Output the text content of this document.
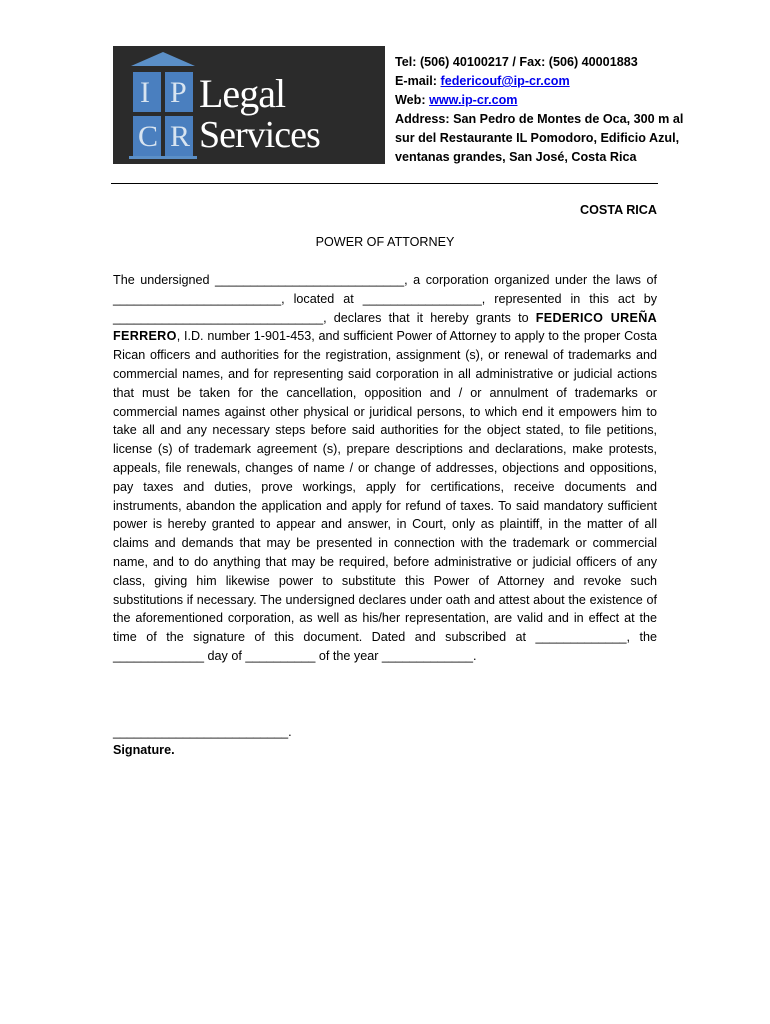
I P
C R
Legal
Services
Tel: (506) 40100217 / Fax: (506) 40001883
E-mail: federicouf@ip-cr.com
Web: www.ip-cr.com
Address: San Pedro de Montes de Oca, 300 m al
sur del Restaurante IL Pomodoro, Edificio Azul,
ventanas grandes, San José, Costa Rica
COSTA RICA
POWER OF ATTORNEY
The undersigned ___________________________, a corporation organized under the laws of ________________________, located at _________________, represented in this act by ______________________________, declares that it hereby grants to FEDERICO UREÑA FERRERO, I.D. number 1-901-453, and sufficient Power of Attorney to apply to the proper Costa Rican officers and authorities for the registration, assignment (s), or renewal of trademarks and commercial names, and for representing said corporation in all administrative or judicial actions that must be taken for the cancellation, opposition and / or annulment of trademarks or commercial names against other physical or juridical persons, to which end it empowers him to take all and any necessary steps before said authorities for the object stated, to file petitions, license (s) of trademark agreement (s), prepare descriptions and declarations, make protests, appeals, file renewals, changes of name / or change of addresses, objections and oppositions, pay taxes and duties, prove workings, apply for certifications, receive documents and instruments, abandon the application and apply for refund of taxes. To said mandatory sufficient power is hereby granted to appear and answer, in Court, only as plaintiff, in the matter of all claims and demands that may be presented in connection with the trademark or commercial name, and to do anything that may be required, before administrative or judicial officers of any class, giving him likewise power to substitute this Power of Attorney and revoke such substitutions if necessary. The undersigned declares under oath and attest about the existence of the aforementioned corporation, as well as his/her representation, are valid and in effect at the time of the signature of this document. Dated and subscribed at _____________, the _____________ day of __________ of the year _____________.
_________________________.
Signature.
